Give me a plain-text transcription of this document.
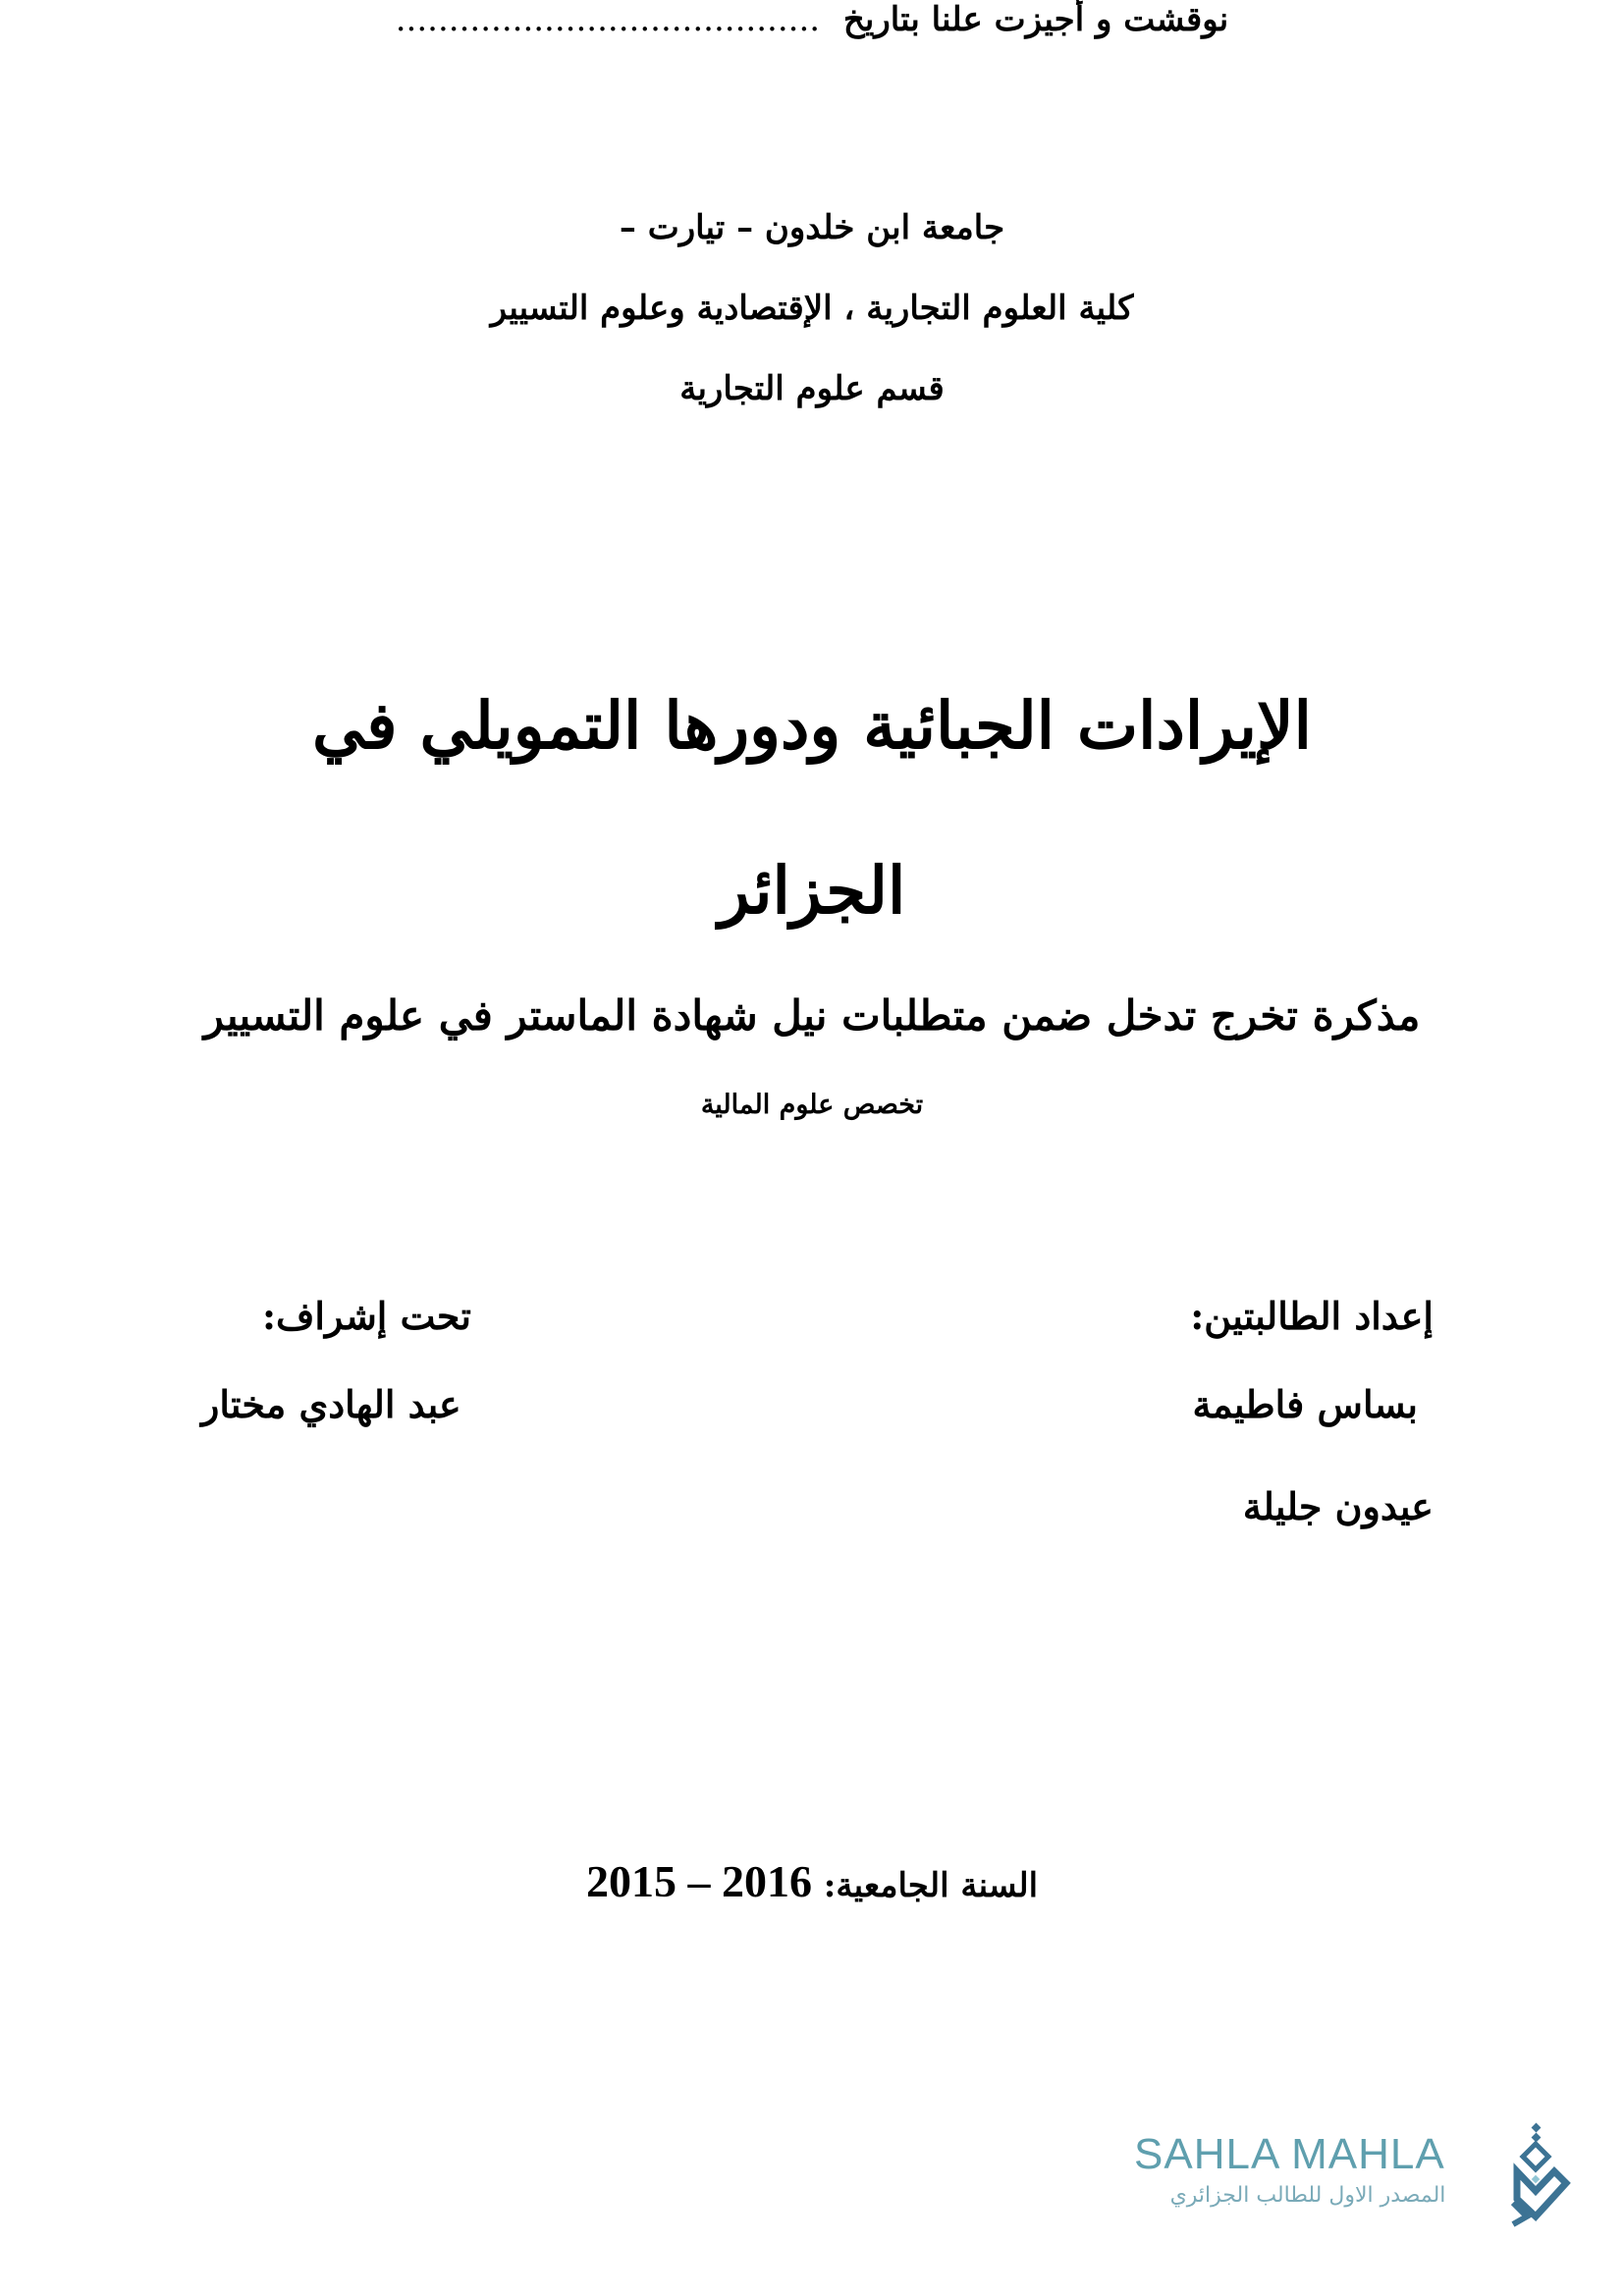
جامعة ابن خلدون – تيارت –
كلية العلوم التجارية ، الإقتصادية وعلوم التسيير
قسم علوم التجارية
الإيرادات الجبائية ودورها التمويلي في
الجزائر
مذكرة تخرج تدخل ضمن متطلبات نيل شهادة الماستر في علوم التسيير
تخصص علوم المالية
إعداد الطالبتين:
بساس فاطيمة
عيدون جليلة
تحت إشراف:
عبد الهادي مختار
نوقشت و أجيزت علنا بتاريخ ........................................
السنة الجامعية: 2015 – 2016
SAHLA MAHLA
المصدر الاول للطالب الجزائري
